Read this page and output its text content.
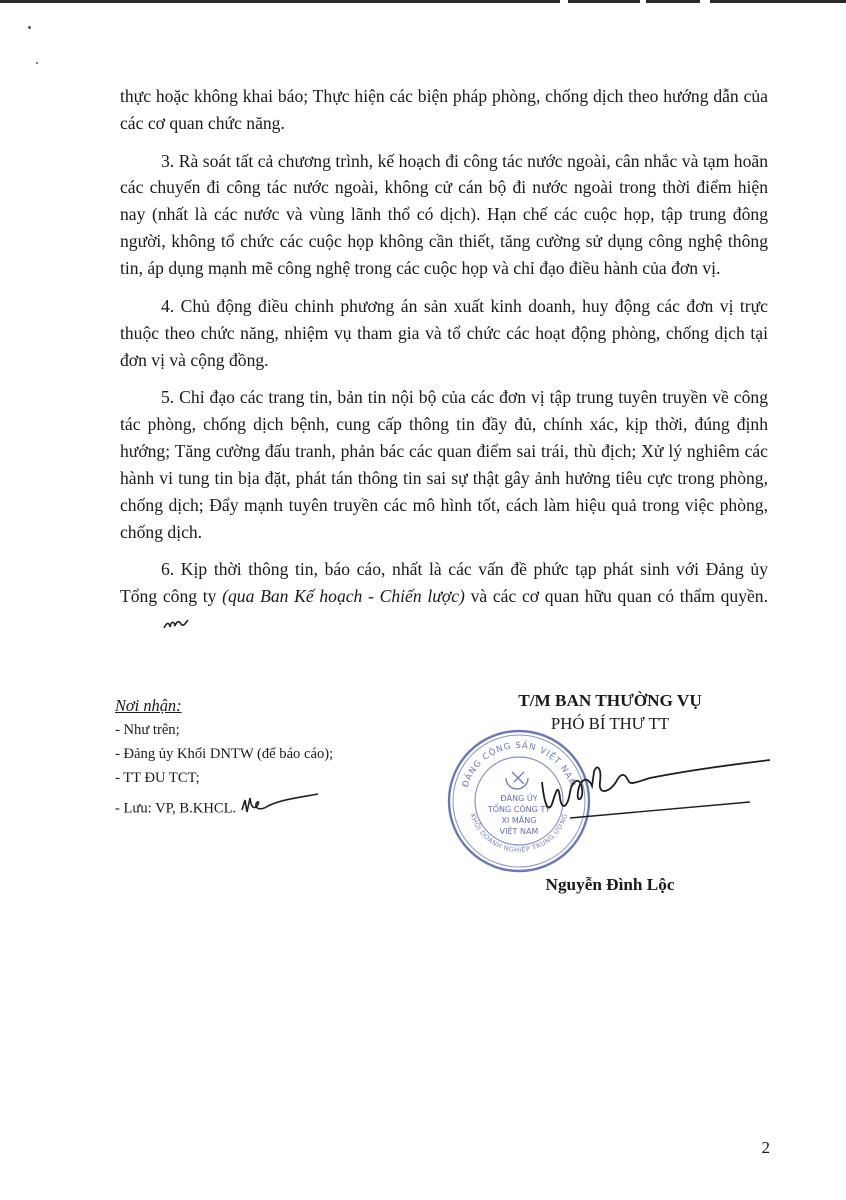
thực hoặc không khai báo; Thực hiện các biện pháp phòng, chống dịch theo hướng dẫn của các cơ quan chức năng.

3. Rà soát tất cả chương trình, kế hoạch đi công tác nước ngoài, cân nhắc và tạm hoãn các chuyến đi công tác nước ngoài, không cử cán bộ đi nước ngoài trong thời điểm hiện nay (nhất là các nước và vùng lãnh thổ có dịch). Hạn chế các cuộc họp, tập trung đông người, không tổ chức các cuộc họp không cần thiết, tăng cường sử dụng công nghệ thông tin, áp dụng mạnh mẽ công nghệ trong các cuộc họp và chỉ đạo điều hành của đơn vị.

4. Chủ động điều chinh phương án sản xuất kinh doanh, huy động các đơn vị trực thuộc theo chức năng, nhiệm vụ tham gia và tổ chức các hoạt động phòng, chống dịch tại đơn vị và cộng đồng.

5. Chỉ đạo các trang tin, bản tin nội bộ của các đơn vị tập trung tuyên truyền về công tác phòng, chống dịch bệnh, cung cấp thông tin đầy đủ, chính xác, kịp thời, đúng định hướng; Tăng cường đấu tranh, phản bác các quan điểm sai trái, thù địch; Xử lý nghiêm các hành vi tung tin bịa đặt, phát tán thông tin sai sự thật gây ảnh hưởng tiêu cực trong phòng, chống dịch; Đẩy mạnh tuyên truyền các mô hình tốt, cách làm hiệu quả trong việc phòng, chống dịch.

6. Kịp thời thông tin, báo cáo, nhất là các vấn đề phức tạp phát sinh với Đảng ủy Tổng công ty (qua Ban Kế hoạch - Chiến lược) và các cơ quan hữu quan có thẩm quyền.

Nơi nhận:
- Như trên;
- Đảng ủy Khối DNTW (để báo cáo);
- TT ĐU TCT;
- Lưu: VP, B.KHCL.
T/M BAN THƯỜNG VỤ
PHÓ BÍ THƯ TT
ĐẢNG CỘNG SẢN VIỆT NAM
KHỐI DOANH NGHIỆP TRUNG ƯƠNG
ĐẢNG ỦY
TỔNG CÔNG TY
XI MĂNG
VIỆT NAM
Nguyễn Đình Lộc
2
